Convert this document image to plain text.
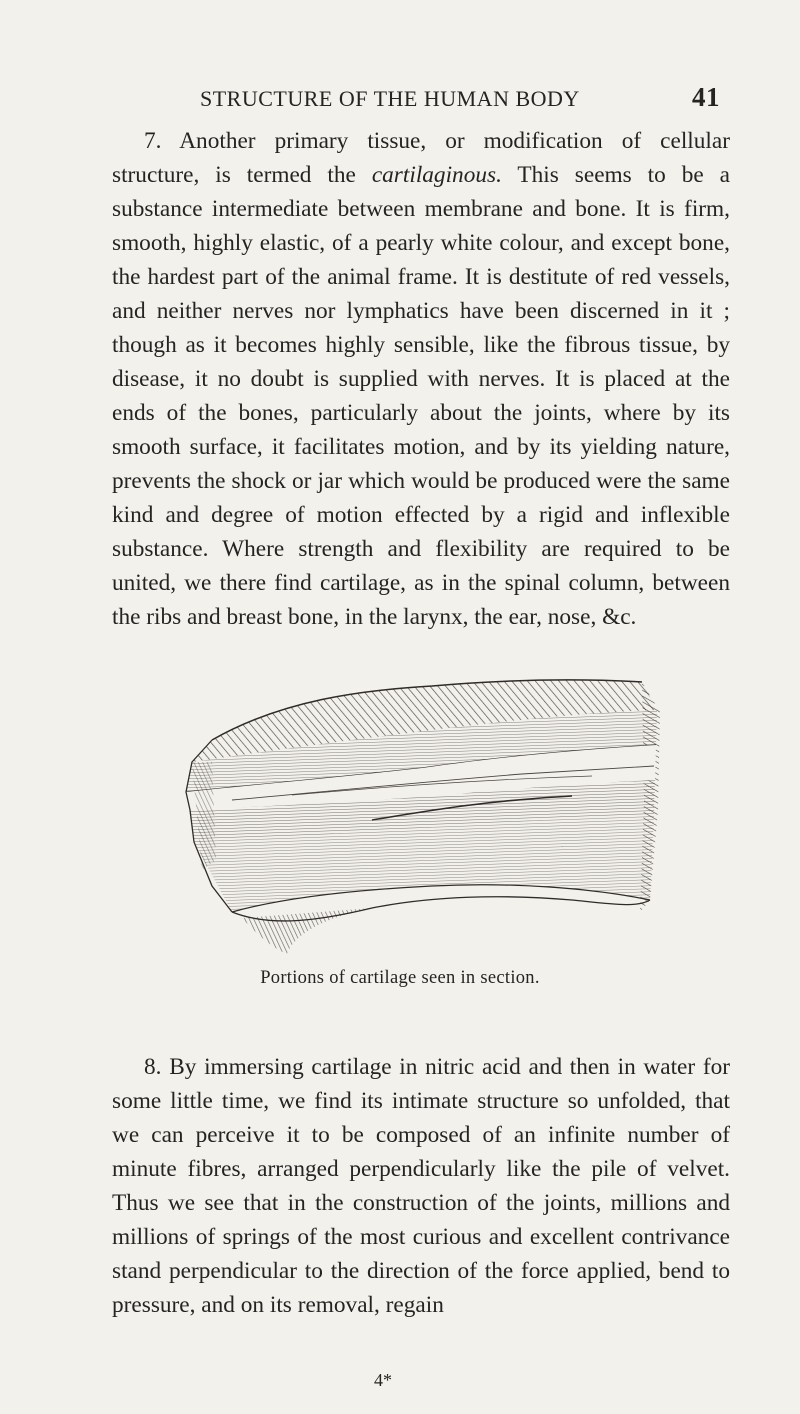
STRUCTURE OF THE HUMAN BODY	41

7. Another primary tissue, or modification of cellular structure, is termed the cartilaginous. This seems to be a substance intermediate between membrane and bone. It is firm, smooth, highly elastic, of a pearly white colour, and except bone, the hardest part of the animal frame. It is destitute of red vessels, and neither nerves nor lymphatics have been discerned in it ; though as it becomes highly sensible, like the fibrous tissue, by disease, it no doubt is supplied with nerves. It is placed at the ends of the bones, particularly about the joints, where by its smooth surface, it facilitates motion, and by its yielding nature, prevents the shock or jar which would be produced were the same kind and degree of motion effected by a rigid and inflexible substance. Where strength and flexibility are required to be united, we there find cartilage, as in the spinal column, between the ribs and breast bone, in the larynx, the ear, nose, &c.

Portions of cartilage seen in section.

8. By immersing cartilage in nitric acid and then in water for some little time, we find its intimate structure so unfolded, that we can perceive it to be composed of an infinite number of minute fibres, arranged perpendicularly like the pile of velvet. Thus we see that in the construction of the joints, millions and millions of springs of the most curious and excellent contrivance stand perpendicular to the direction of the force applied, bend to pressure, and on its removal, regain

4*
